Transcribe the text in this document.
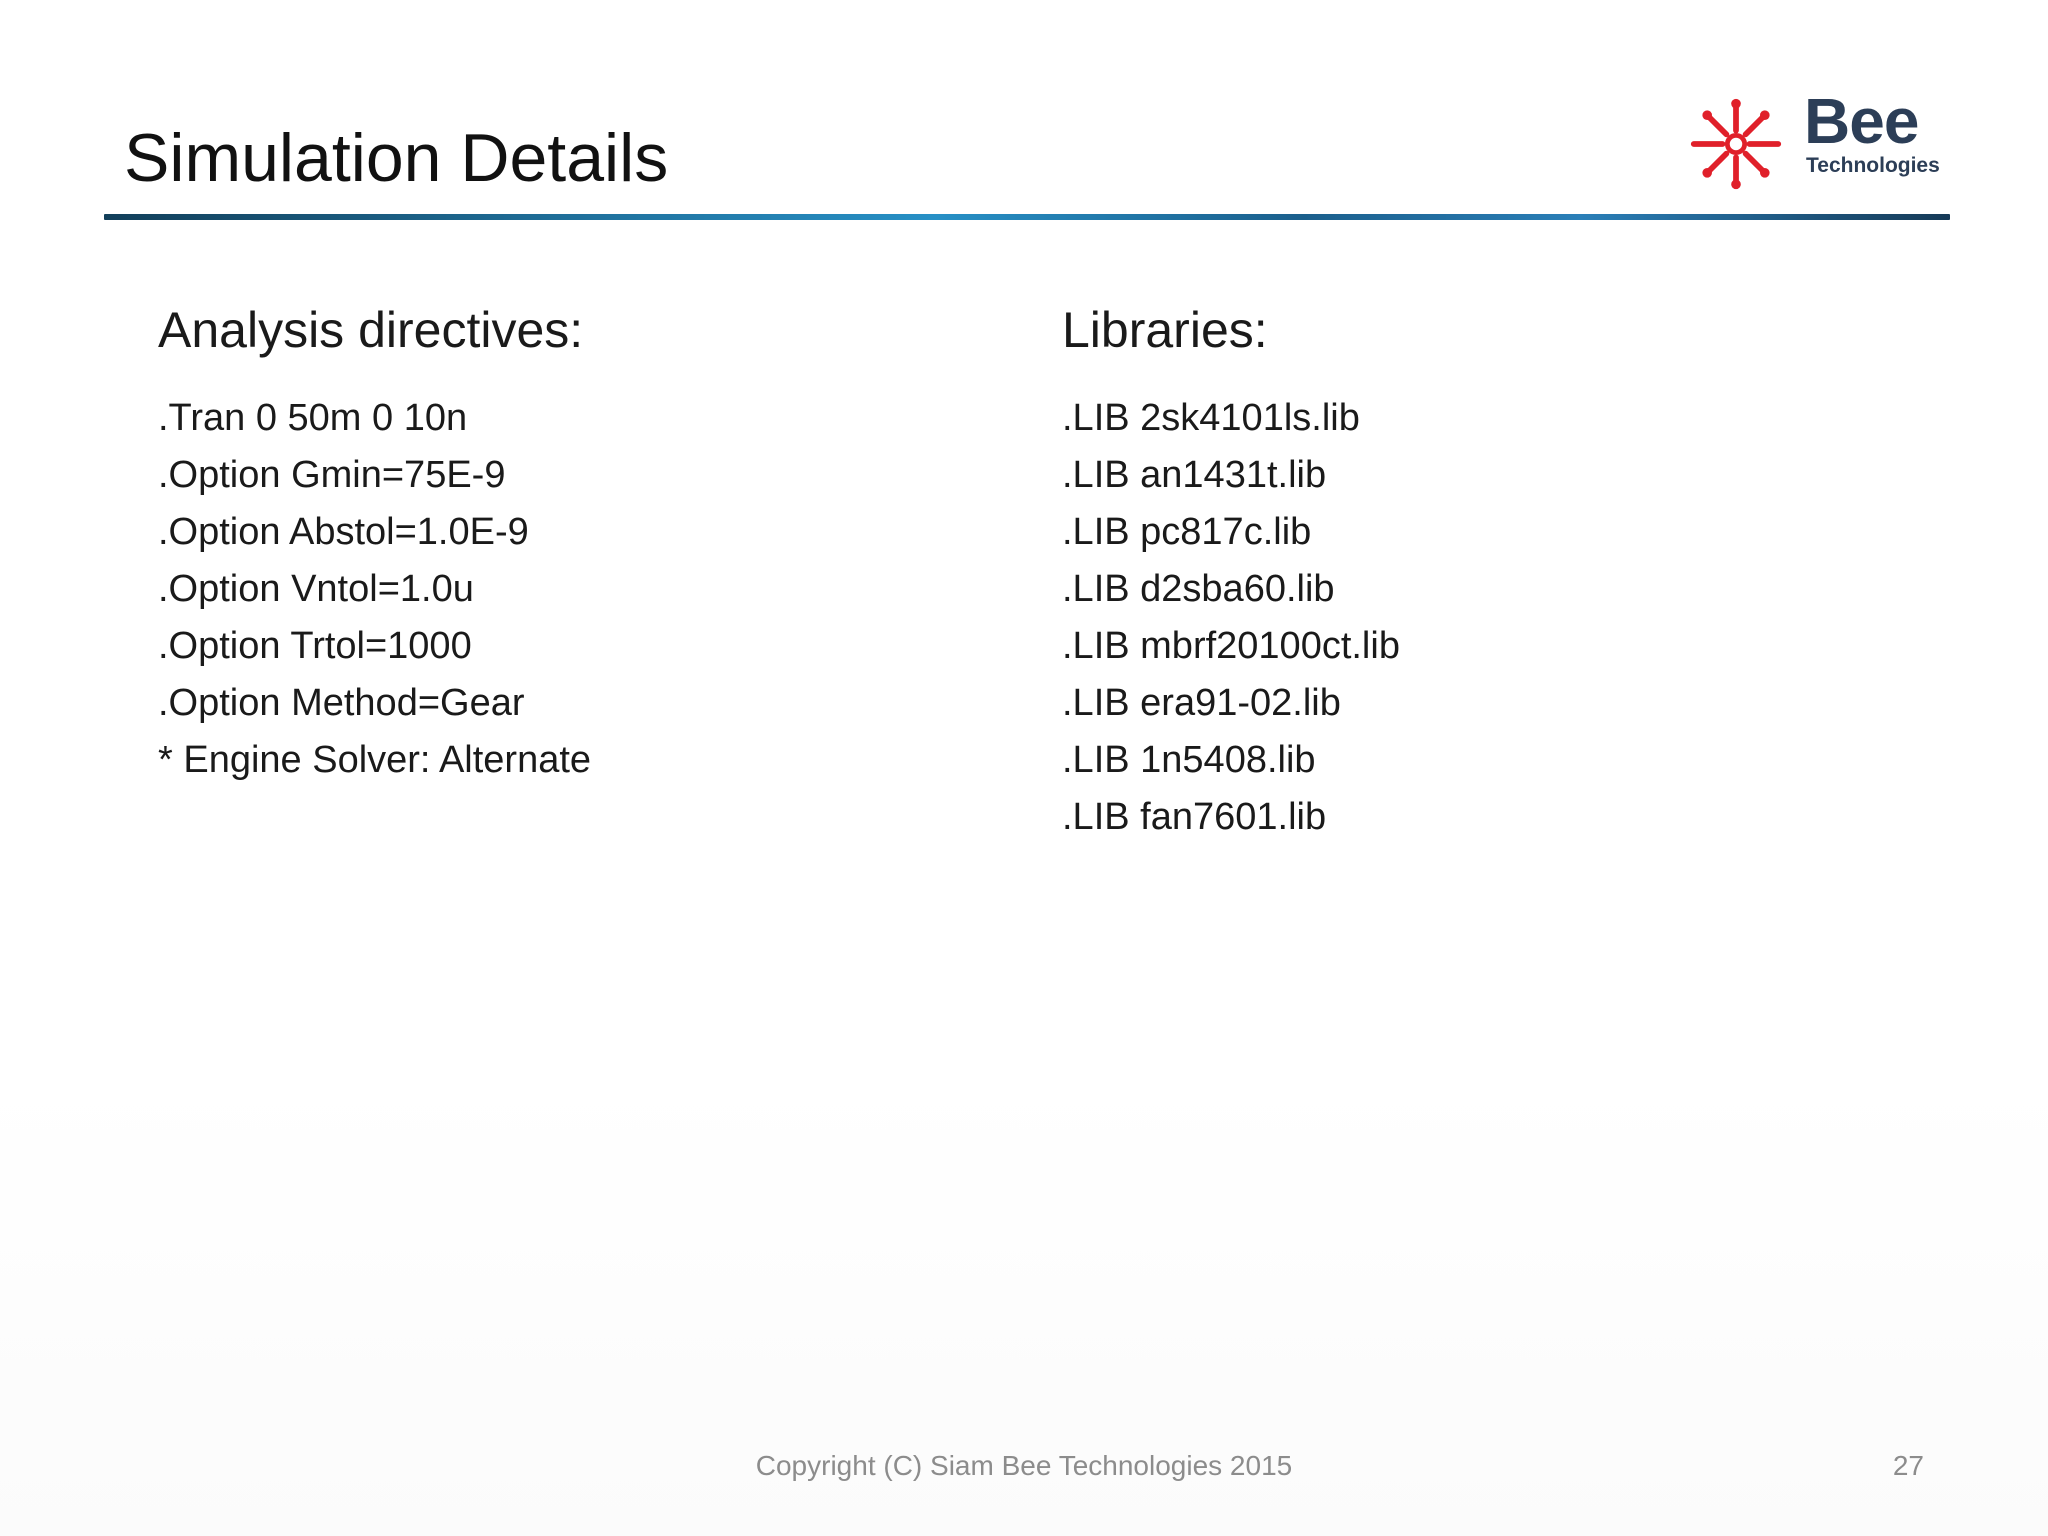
Simulation Details	Bee
Technologies
Analysis directives:
.Tran 0 50m 0 10n
.Option Gmin=75E-9
.Option Abstol=1.0E-9
.Option Vntol=1.0u
.Option Trtol=1000
.Option Method=Gear
* Engine Solver: Alternate
Libraries:
.LIB 2sk4101ls.lib
.LIB an1431t.lib
.LIB pc817c.lib
.LIB d2sba60.lib
.LIB mbrf20100ct.lib
.LIB era91-02.lib
.LIB 1n5408.lib
.LIB fan7601.lib
Copyright (C) Siam Bee Technologies 2015	27
